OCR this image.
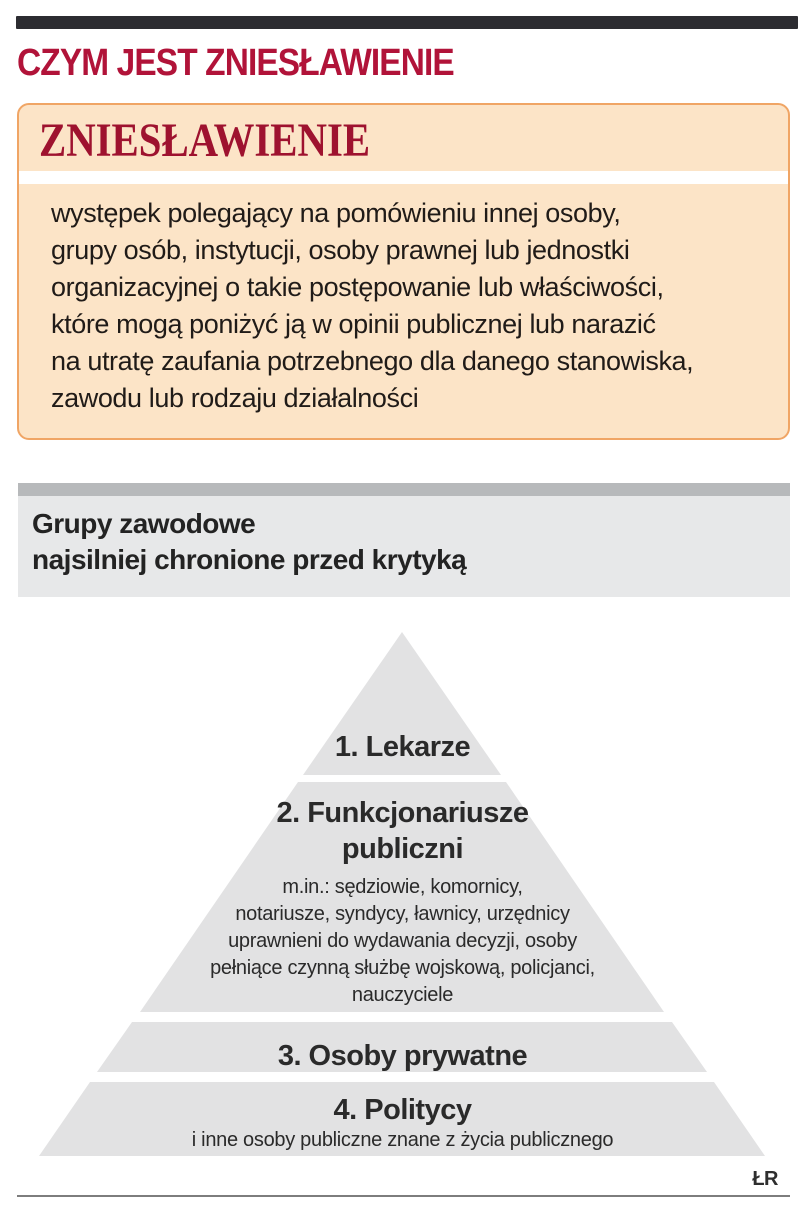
CZYM JEST ZNIESŁAWIENIE
ZNIESŁAWIENIE
występek polegający na pomówieniu innej osoby,
grupy osób, instytucji, osoby prawnej lub jednostki
organizacyjnej o takie postępowanie lub właściwości,
które mogą poniżyć ją w opinii publicznej lub narazić
na utratę zaufania potrzebnego dla danego stanowiska,
zawodu lub rodzaju działalności
Grupy zawodowe
najsilniej chronione przed krytyką
1. Lekarze
2. Funkcjonariusze
publiczni
m.in.: sędziowie, komornicy,
notariusze, syndycy, ławnicy, urzędnicy
uprawnieni do wydawania decyzji, osoby
pełniące czynną służbę wojskową, policjanci,
nauczyciele
3. Osoby prywatne
4. Politycy
i inne osoby publiczne znane z życia publicznego
ŁR
